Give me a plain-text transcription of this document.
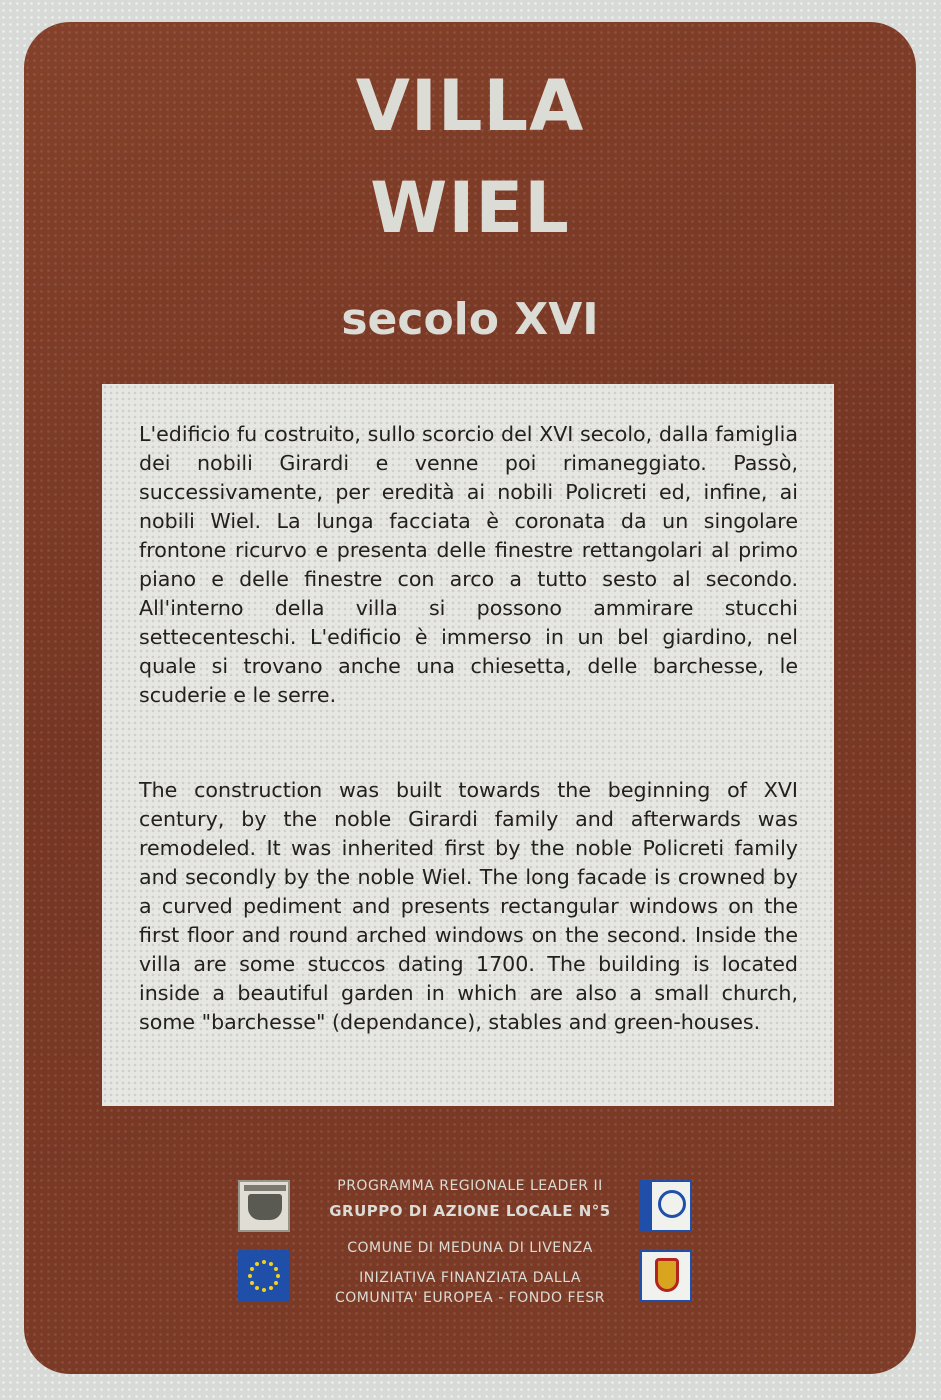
VILLA
WIEL
secolo XVI

L'edificio fu costruito, sullo scorcio del XVI secolo, dalla famiglia dei nobili Girardi e venne poi rimaneggiato. Passò, successivamente, per eredità ai nobili Policreti ed, infine, ai nobili Wiel. La lunga facciata è coronata da un singolare frontone ricurvo e presenta delle finestre rettangolari al primo piano e delle finestre con arco a tutto sesto al secondo. All'interno della villa si possono ammirare stucchi settecenteschi. L'edificio è immerso in un bel giardino, nel quale si trovano anche una chiesetta, delle barchesse, le scuderie e le serre.

The construction was built towards the beginning of XVI century, by the noble Girardi family and afterwards was remodeled. It was inherited first by the noble Policreti family and secondly by the noble Wiel. The long facade is crowned by a curved pediment and presents rectangular windows on the first floor and round arched windows on the second. Inside the villa are some stuccos dating 1700. The building is located inside a beautiful garden in which are also a small church, some "barchesse" (dependance), stables and green-houses.

PROGRAMMA REGIONALE LEADER II
GRUPPO DI AZIONE LOCALE N°5
COMUNE DI MEDUNA DI LIVENZA
INIZIATIVA FINANZIATA DALLA
COMUNITA' EUROPEA - FONDO FESR
